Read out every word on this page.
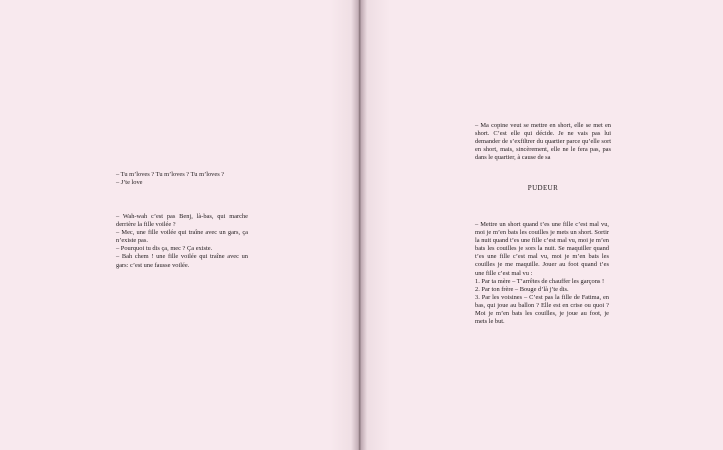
– Tu m’loves ? Tu m’loves ? Tu m’loves ?

– J’te love

– Wah-wah c’est pas Benj, là-bas, qui marche derrière la fille voilée ?

– Mec, une fille voilée qui traîne avec un gars, ça n’existe pas.

– Pourquoi tu dis ça, mec ? Ça existe.

– Bah chem ! une fille voilée qui traîne avec un gars: c’est une fausse voilée.

– Ma copine veut se mettre en short, elle se met en short. C’est elle qui décide. Je ne vais pas lui demander de s’exfiltrer du quartier parce qu’elle sort en short, mais, sincèrement, elle ne le fera pas, pas dans le quartier, à cause de sa

PUDEUR

– Mettre un short quand t’es une fille c’est mal vu, moi je m’en bats les couilles je mets un short. Sortir la nuit quand t’es une fille c’est mal vu, moi je m’en bats les couilles je sors la nuit. Se maquiller quand t’es une fille c’est mal vu, moi je m’en bats les couilles je me maquille. Jouer au foot quand t’es une fille c’est mal vu :

1. Par ta mère – T’arrêtes de chauffer les garçons !

2. Par ton frère – Bouge d’là j’te dis.

3. Par les voisines – C’est pas la fille de Fatima, en bas, qui joue au ballon ? Elle est en crise ou quoi ? Moi je m’en bats les couilles, je joue au foot, je mets le but.
